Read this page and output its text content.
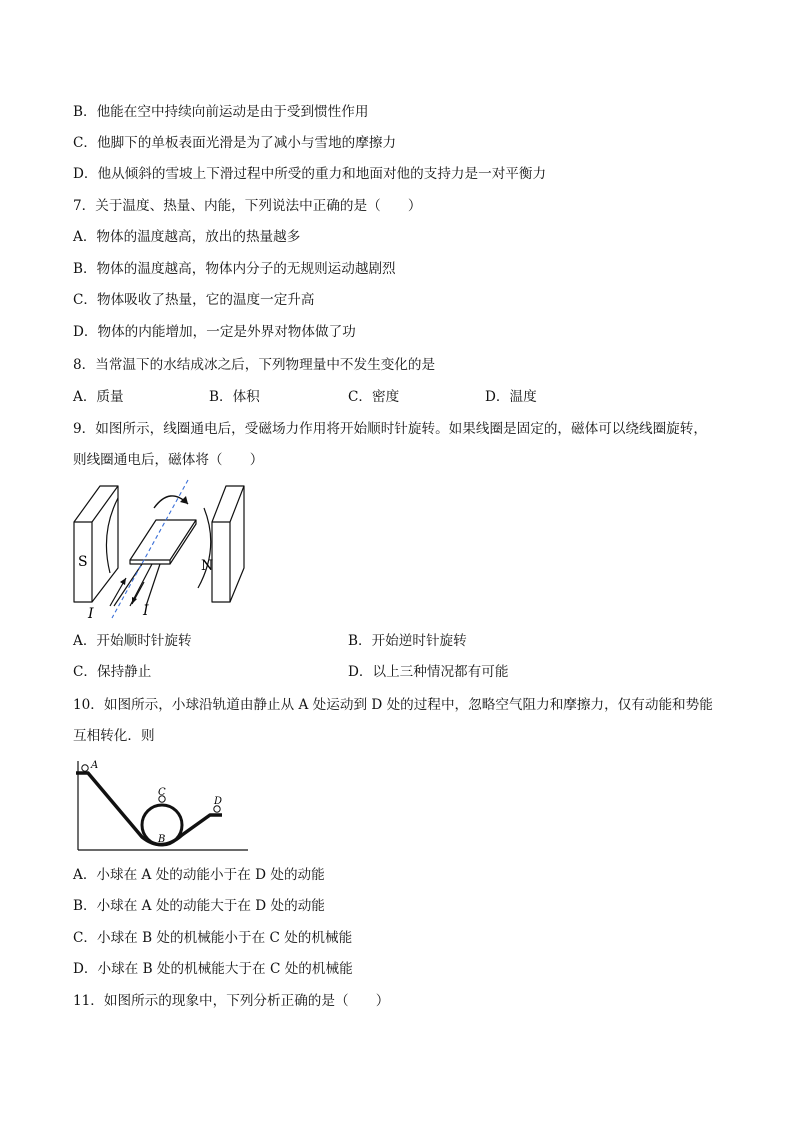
B．他能在空中持续向前运动是由于受到惯性作用
C．他脚下的单板表面光滑是为了减小与雪地的摩擦力
D．他从倾斜的雪坡上下滑过程中所受的重力和地面对他的支持力是一对平衡力
7．关于温度、热量、内能，下列说法中正确的是（　　）
A．物体的温度越高，放出的热量越多
B．物体的温度越高，物体内分子的无规则运动越剧烈
C．物体吸收了热量，它的温度一定升高
D．物体的内能增加，一定是外界对物体做了功
8．当常温下的水结成冰之后，下列物理量中不发生变化的是
A．质量	B．体积	C．密度	D．温度
9．如图所示，线圈通电后，受磁场力作用将开始顺时针旋转。如果线圈是固定的，磁体可以绕线圈旋转，
则线圈通电后，磁体将（　　）
S	N
I	I
A．开始顺时针旋转	B．开始逆时针旋转
C．保持静止	D．以上三种情况都有可能
10．如图所示，小球沿轨道由静止从 A 处运动到 D 处的过程中，忽略空气阻力和摩擦力，仅有动能和势能
互相转化．则
A
C
B
D
A．小球在 A 处的动能小于在 D 处的动能
B．小球在 A 处的动能大于在 D 处的动能
C．小球在 B 处的机械能小于在 C 处的机械能
D．小球在 B 处的机械能大于在 C 处的机械能
11．如图所示的现象中，下列分析正确的是（　　）
